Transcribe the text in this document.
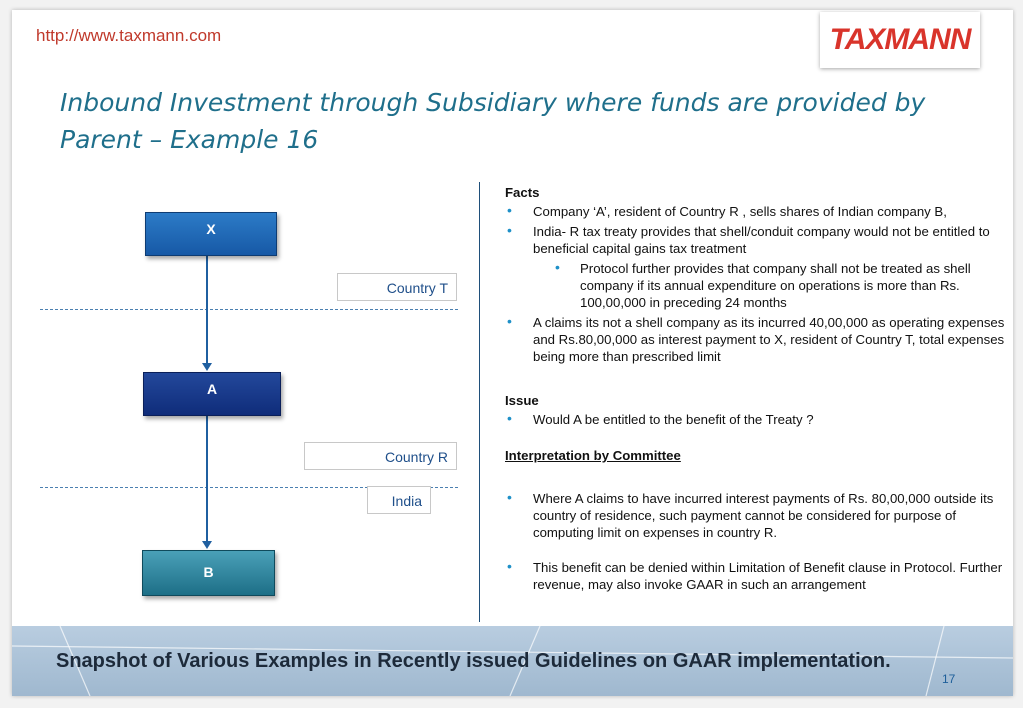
http://www.taxmann.com	TAXMANN
Inbound Investment through Subsidiary where funds are provided by Parent – Example 16
X
A
B
Country T
Country R
India

Facts

• Company ‘A’, resident of Country R , sells shares of Indian company B,
• India- R tax treaty provides that shell/conduit company would not be entitled to beneficial capital gains tax treatment
• Protocol further provides that company shall not be treated as shell company if its annual expenditure on operations is more than Rs. 100,00,000 in preceding 24 months
• A claims its not a shell company as its incurred 40,00,000 as operating expenses and Rs.80,00,000 as interest payment to X, resident of Country T, total expenses being more than prescribed limit

Issue

• Would A be entitled to the benefit of the Treaty ?

Interpretation by Committee

• Where A claims to have incurred interest payments of Rs. 80,00,000 outside its country of residence, such payment cannot be considered for purpose of computing limit on expenses in country R.
• This benefit can be denied within Limitation of Benefit clause in Protocol. Further revenue, may also invoke GAAR in such an arrangement
Snapshot of Various Examples in Recently issued Guidelines on GAAR implementation.
17
